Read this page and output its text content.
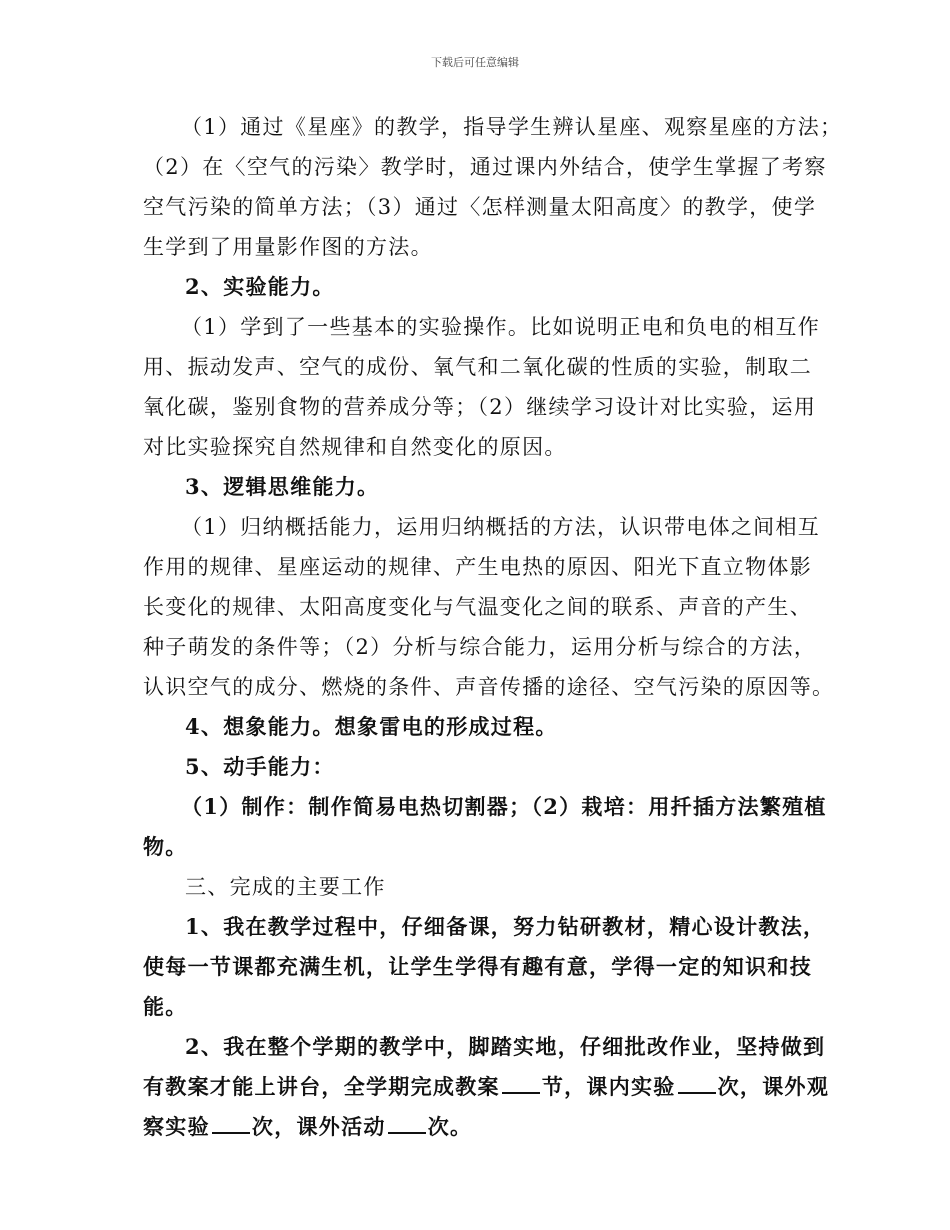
下载后可任意编辑
（1）通过《星座》的教学，指导学生辨认星座、观察星座的方法；
（2）在〈空气的污染〉教学时，通过课内外结合，使学生掌握了考察
空气污染的简单方法；（3）通过〈怎样测量太阳高度〉的教学，使学
生学到了用量影作图的方法。
2、实验能力。
（1）学到了一些基本的实验操作。比如说明正电和负电的相互作
用、振动发声、空气的成份、氧气和二氧化碳的性质的实验，制取二
氧化碳，鉴别食物的营养成分等；（2）继续学习设计对比实验，运用
对比实验探究自然规律和自然变化的原因。
3、逻辑思维能力。
（1）归纳概括能力，运用归纳概括的方法，认识带电体之间相互
作用的规律、星座运动的规律、产生电热的原因、阳光下直立物体影
长变化的规律、太阳高度变化与气温变化之间的联系、声音的产生、
种子萌发的条件等；（2）分析与综合能力，运用分析与综合的方法，
认识空气的成分、燃烧的条件、声音传播的途径、空气污染的原因等。
4、想象能力。想象雷电的形成过程。
5、动手能力：
（1）制作：制作简易电热切割器；（2）栽培：用扦插方法繁殖植
物。
三、完成的主要工作
1、我在教学过程中，仔细备课，努力钻研教材，精心设计教法，
使每一节课都充满生机，让学生学得有趣有意，学得一定的知识和技
能。
2、我在整个学期的教学中，脚踏实地，仔细批改作业，坚持做到
有教案才能上讲台，全学期完成教案 节，课内实验 次，课外观
察实验 次，课外活动 次。
